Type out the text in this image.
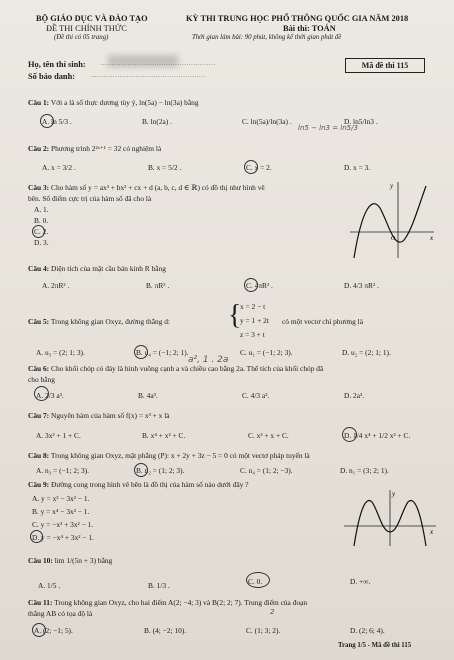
BỘ GIÁO DỤC VÀ ĐÀO TẠO
ĐỀ THI CHÍNH THỨC
(Đề thi có 05 trang)
KỲ THI TRUNG HỌC PHỔ THÔNG QUỐC GIA NĂM 2018
Bài thi: TOÁN
Thời gian làm bài: 90 phút, không kể thời gian phát đề
Họ, tên thí sinh: ……………………………………………
Số báo danh: ……………………………………………
Mã đề thi 115
Câu 1: Với a là số thực dương tùy ý, ln(5a) − ln(3a) bằng
A. ln 5/3 .	B. ln(2a) .	C. ln(5a)/ln(3a) .
ln5 − ln3 = ln5/3
D. ln5/ln3 .
Câu 2: Phương trình 2²ˣ⁺¹ = 32 có nghiệm là
A. x = 3/2 .	B. x = 5/2 .	C. x = 2.	D. x = 3.
Câu 3: Cho hàm số y = ax³ + bx² + cx + d (a, b, c, d ∈ ℝ) có đồ thị như hình vẽ
bên. Số điểm cực trị của hàm số đã cho là
A. 1.
B. 0.
C. 2.
D. 3.
y
x
O
Câu 4: Diện tích của mặt cầu bán kính R bằng
A. 2πR² .	B. πR² .	C. 4πR² .	D. 4/3 πR² .
Câu 5: Trong không gian Oxyz, đường thẳng d: {
x = 2 − t
y = 1 + 2t
z = 3 + t
có một vectơ chỉ phương là
A. u₃ = (2; 1; 3).	B. u₄ = (−1; 2; 1).	C. u₁ = (−1; 2; 3).	D. u₂ = (2; 1; 1).
Câu 6: Cho khối chóp có đáy là hình vuông cạnh a và chiều cao bằng 2a. Thể tích của khối chóp đã
cho bằng
a², 1 . 2a
A. 2/3 a³.	B. 4a³.	C. 4/3 a³.	D. 2a³.
Câu 7: Nguyên hàm của hàm số f(x) = x³ + x là
A. 3x² + 1 + C.	B. x⁴ + x² + C.	C. x³ + x + C.	D. 1/4 x⁴ + 1/2 x² + C.
Câu 8: Trong không gian Oxyz, mặt phẳng (P): x + 2y + 3z − 5 = 0 có một vectơ pháp tuyến là
A. n₃ = (−1; 2; 3).	B. n₂ = (1; 2; 3).	C. n₄ = (1; 2; −3).	D. n₁ = (3; 2; 1).
Câu 9: Đường cong trong hình vẽ bên là đồ thị của hàm số nào dưới đây ?
A. y = x³ − 3x² − 1.
B. y = x⁴ − 3x² − 1.
C. y = −x³ + 3x² − 1.
D. y = −x⁴ + 3x² − 1.
y
x
Câu 10: lim 1/(5n + 3) bằng
A. 1/5 .	B. 1/3 .	C. 0.	D. +∞.
Câu 11: Trong không gian Oxyz, cho hai điểm A(2; −4; 3) và B(2; 2; 7). Trung điểm của đoạn
thẳng AB có tọa độ là	2
A. (2; −1; 5).	B. (4; −2; 10).	C. (1; 3; 2).	D. (2; 6; 4).
Trang 1/5 - Mã đề thi 115
